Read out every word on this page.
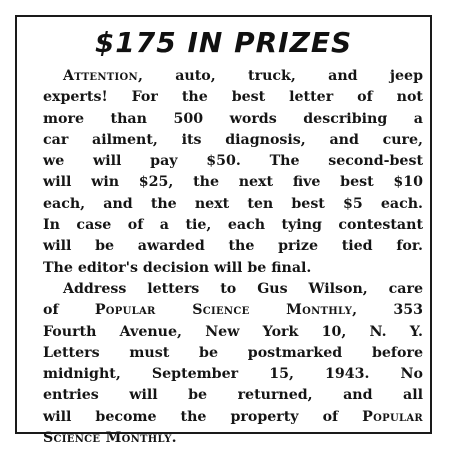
$175 IN PRIZES
Attention, auto, truck, and jeep
experts! For the best letter of not
more than 500 words describing a
car ailment, its diagnosis, and cure,
we will pay $50. The second-best
will win $25, the next five best $10
each, and the next ten best $5 each.
In case of a tie, each tying contestant
will be awarded the prize tied for.
The editor's decision will be final.
Address letters to Gus Wilson, care
of Popular Science Monthly, 353
Fourth Avenue, New York 10, N. Y.
Letters must be postmarked before
midnight, September 15, 1943. No
entries will be returned, and all
will become the property of Popular
Science Monthly.
